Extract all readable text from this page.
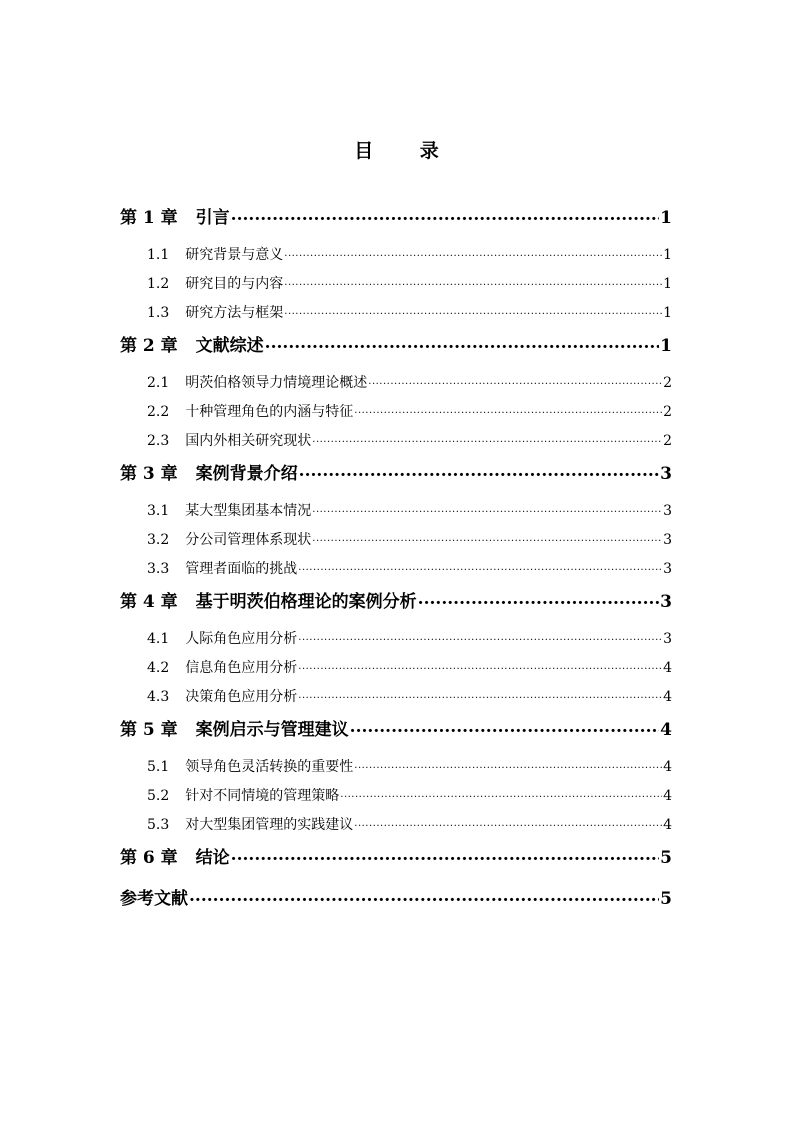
目 录
第 1 章 引言 .....	1
1.1 研究背景与意义 .....	1
1.2 研究目的与内容 .....	1
1.3 研究方法与框架 .....	1
第 2 章 文献综述 .....	1
2.1 明茨伯格领导力情境理论概述 .....	2
2.2 十种管理角色的内涵与特征 .....	2
2.3 国内外相关研究现状 .....	2
第 3 章 案例背景介绍 .....	3
3.1 某大型集团基本情况 .....	3
3.2 分公司管理体系现状 .....	3
3.3 管理者面临的挑战 .....	3
第 4 章 基于明茨伯格理论的案例分析 .....	3
4.1 人际角色应用分析 .....	3
4.2 信息角色应用分析 .....	4
4.3 决策角色应用分析 .....	4
第 5 章 案例启示与管理建议 .....	4
5.1 领导角色灵活转换的重要性 .....	4
5.2 针对不同情境的管理策略 .....	4
5.3 对大型集团管理的实践建议 .....	4
第 6 章 结论 .....	5
参考文献 .....	5
